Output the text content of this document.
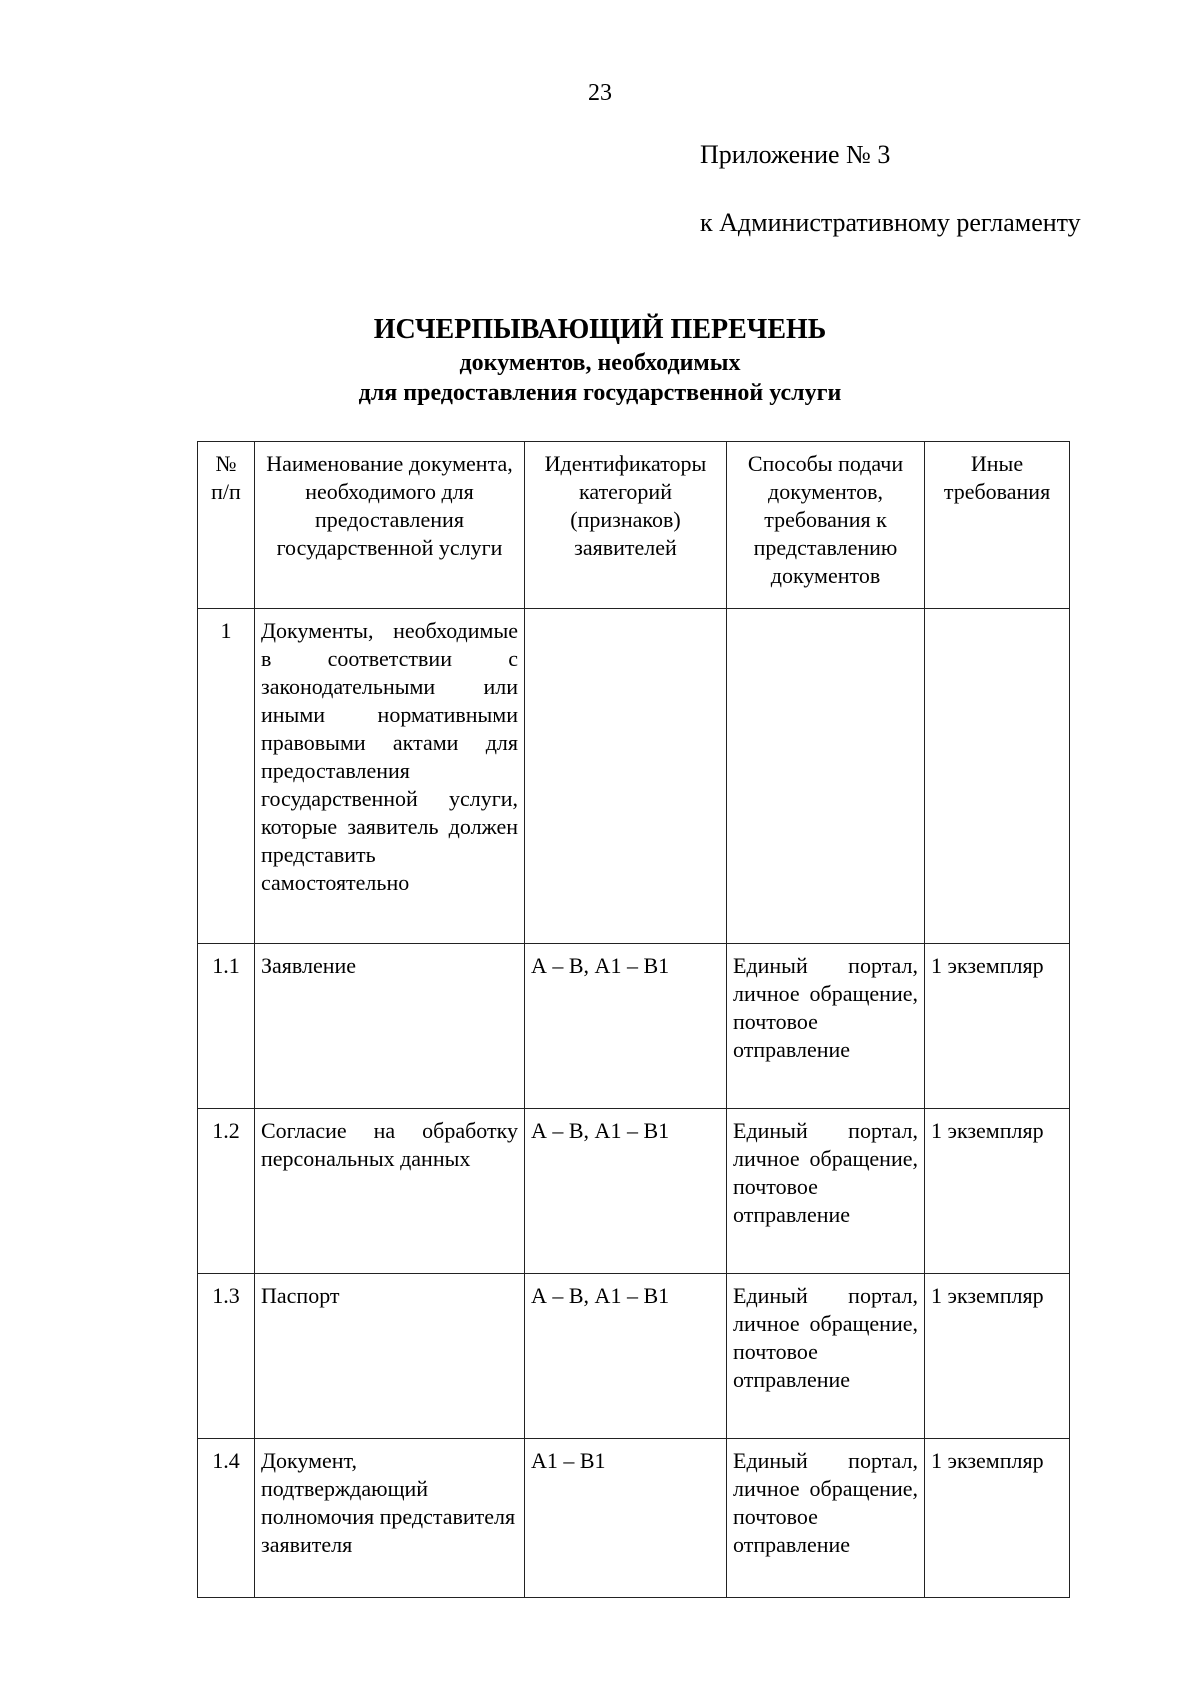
23
Приложение № 3
к Административному регламенту
ИСЧЕРПЫВАЮЩИЙ ПЕРЕЧЕНЬ
документов, необходимых
для предоставления государственной услуги
№ п/п	Наименование документа, необходимого для предоставления государственной услуги	Идентификаторы категорий (признаков) заявителей	Способы подачи документов, требования к представлению документов	Иные требования
1	Документы, необходимые в соответствии с законодательными или иными нормативными правовыми актами для предоставления государственной услуги, которые заявитель должен представить самостоятельно			
1.1	Заявление	А – В, А1 – В1	Единый портал, личное обращение, почтовое отправление	1 экземпляр
1.2	Согласие на обработку персональных данных	А – В, А1 – В1	Единый портал, личное обращение, почтовое отправление	1 экземпляр
1.3	Паспорт	А – В, А1 – В1	Единый портал, личное обращение, почтовое отправление	1 экземпляр
1.4	Документ, подтверждающий полномочия представителя заявителя	А1 – В1	Единый портал, личное обращение, почтовое отправление	1 экземпляр
